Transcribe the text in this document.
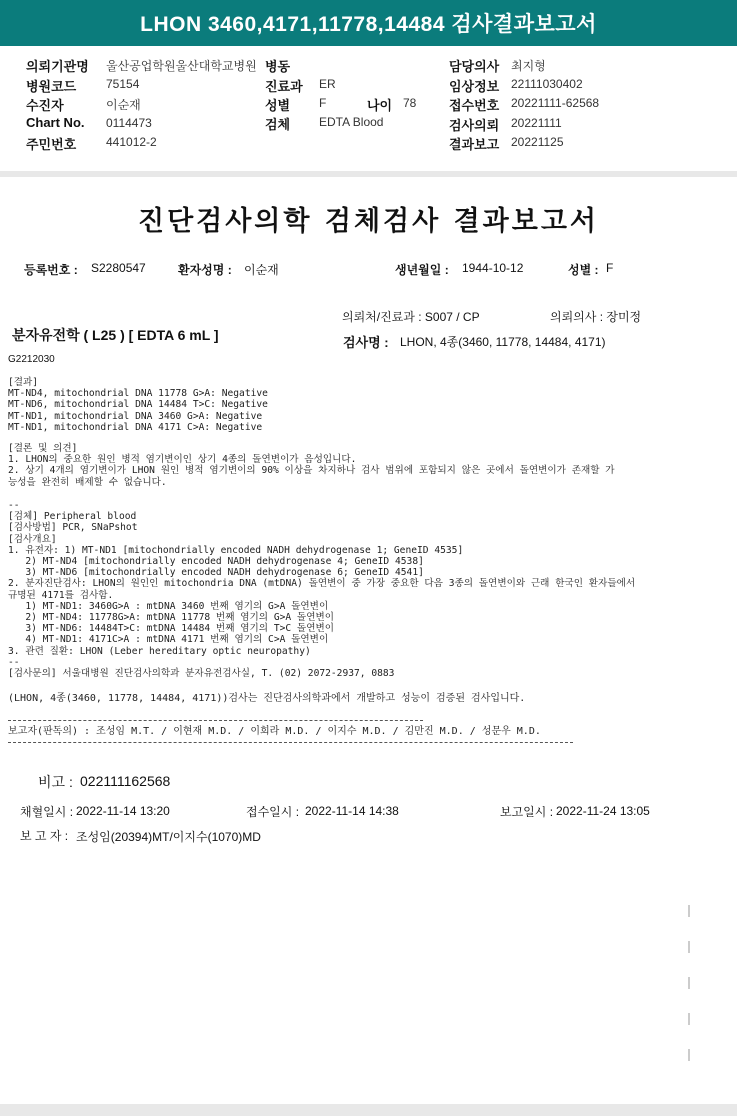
LHON 3460,4171,11778,14484 검사결과보고서
의뢰기관명 울산공업학원울산대학교병원 병동	담당의사 최지형
병원코드 75154	진료과 ER	임상정보 22111030402
수진자	이순재	성별 F	나이 78	접수번호 20221111-62568
Chart No. 0114473	검체 EDTA Blood	검사의뢰 20221111
주민번호 441012-2	결과보고 20221125
진단검사의학 검체검사 결과보고서
등록번호 : S2280547	환자성명 : 이순재	생년월일 : 1944-10-12	성별 : F
의뢰처/진료과 : S007 / CP	의뢰의사 : 장미정
분자유전학 ( L25 ) [ EDTA 6 mL ]	검사명 : LHON, 4종(3460, 11778, 14484, 4171)
G2212030
[결과]
MT-ND4, mitochondrial DNA 11778 G>A: Negative
MT-ND6, mitochondrial DNA 14484 T>C: Negative
MT-ND1, mitochondrial DNA 3460 G>A: Negative
MT-ND1, mitochondrial DNA 4171 C>A: Negative
[결론 및 의견]
1. LHON의 중요한 원인 병적 염기변이인 상기 4종의 돌연변이가 음성입니다.
2. 상기 4개의 염기변이가 LHON 원인 병적 염기변이의 90% 이상을 차지하나 검사 범위에 포함되지 않은 곳에서 돌연변이가 존재할 가
능성을 완전히 배제할 수 없습니다.
--
[검체] Peripheral blood
[검사방법] PCR, SNaPshot
[검사개요]
1. 유전자: 1) MT-ND1 [mitochondrially encoded NADH dehydrogenase 1; GeneID 4535]
2) MT-ND4 [mitochondrially encoded NADH dehydrogenase 4; GeneID 4538]
3) MT-ND6 [mitochondrially encoded NADH dehydrogenase 6; GeneID 4541]
2. 분자진단검사: LHON의 원인인 mitochondria DNA (mtDNA) 돌연변이 중 가장 중요한 다음 3종의 돌연변이와 근래 한국인 환자들에서
규명된 4171를 검사함.
1) MT-ND1: 3460G>A : mtDNA 3460 번째 염기의 G>A 돌연변이
2) MT-ND4: 11778G>A: mtDNA 11778 번째 염기의 G>A 돌연변이
3) MT-ND6: 14484T>C: mtDNA 14484 번째 염기의 T>C 돌연변이
4) MT-ND1: 4171C>A : mtDNA 4171 번째 염기의 C>A 돌연변이
3. 관련 질환: LHON (Leber hereditary optic neuropathy)
--
[검사문의] 서울대병원 진단검사의학과 분자유전검사실, T. (02) 2072-2937, 0883
(LHON, 4종(3460, 11778, 14484, 4171))검사는 진단검사의학과에서 개발하고 성능이 검증된 검사입니다.
보고자(판독의) : 조성임 M.T. / 이현재 M.D. / 이희라 M.D. / 이지수 M.D. / 김만진 M.D. / 성문우 M.D.
비고 : 022111162568
채혈일시 : 2022-11-14 13:20	접수일시 : 2022-11-14 14:38	보고일시 : 2022-11-24 13:05
보 고 자 : 조성임(20394)MT/이지수(1070)MD
